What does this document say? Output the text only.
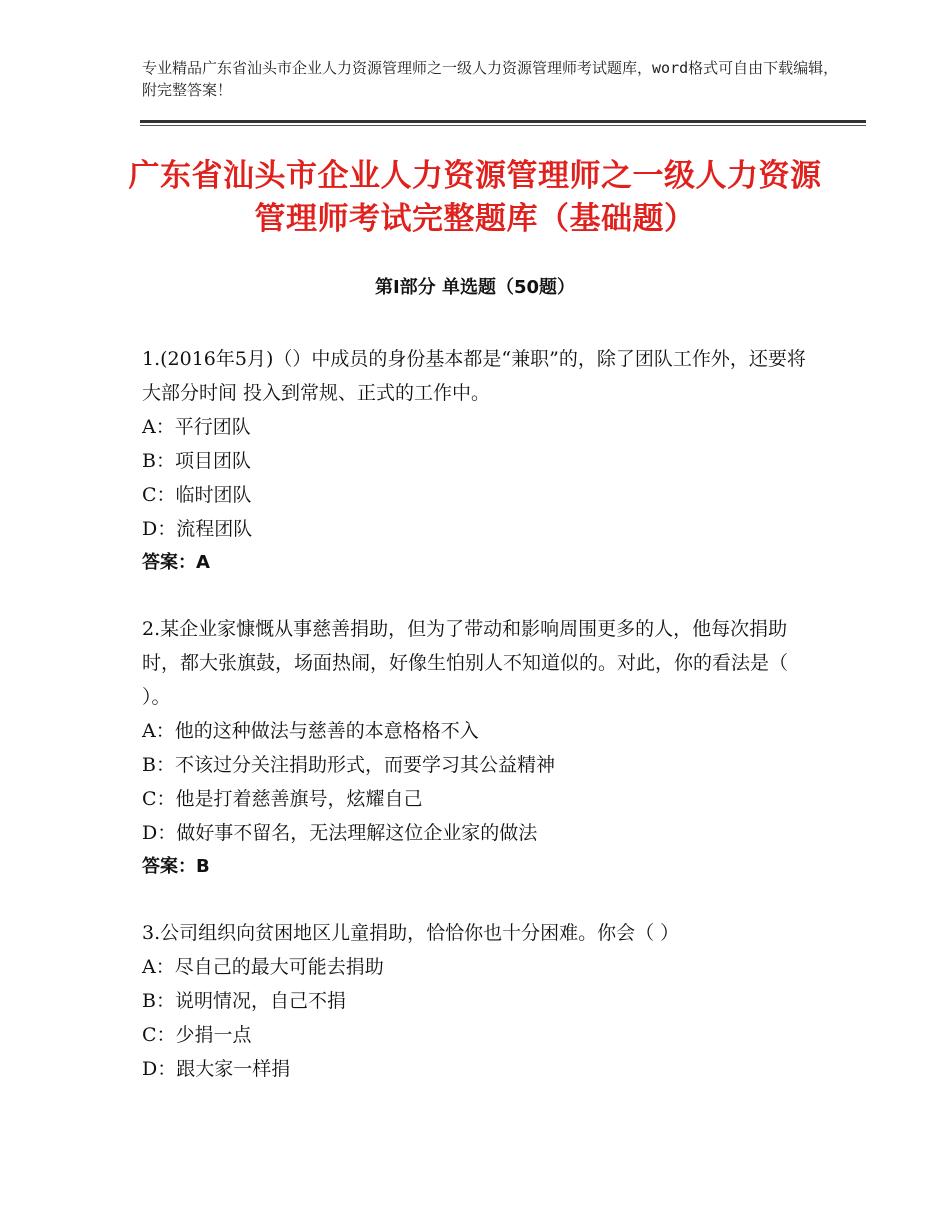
专业精品广东省汕头市企业人力资源管理师之一级人力资源管理师考试题库，word格式可自由下载编辑，附完整答案！
广东省汕头市企业人力资源管理师之一级人力资源管理师考试完整题库（基础题）
第Ⅰ部分 单选题（50题）

1.(2016年5月)（）中成员的身份基本都是“兼职”的，除了团队工作外，还要将大部分时间 投入到常规、正式的工作中。

A：平行团队

B：项目团队

C：临时团队

D：流程团队

答案：A

2.某企业家慷慨从事慈善捐助，但为了带动和影响周围更多的人，他每次捐助时，都大张旗鼓，场面热闹，好像生怕别人不知道似的。对此，你的看法是（ ）。

A：他的这种做法与慈善的本意格格不入

B：不该过分关注捐助形式，而要学习其公益精神

C：他是打着慈善旗号，炫耀自己

D：做好事不留名，无法理解这位企业家的做法

答案：B

3.公司组织向贫困地区儿童捐助，恰恰你也十分困难。你会（ ）

A：尽自己的最大可能去捐助

B：说明情况，自己不捐

C：少捐一点

D：跟大家一样捐
